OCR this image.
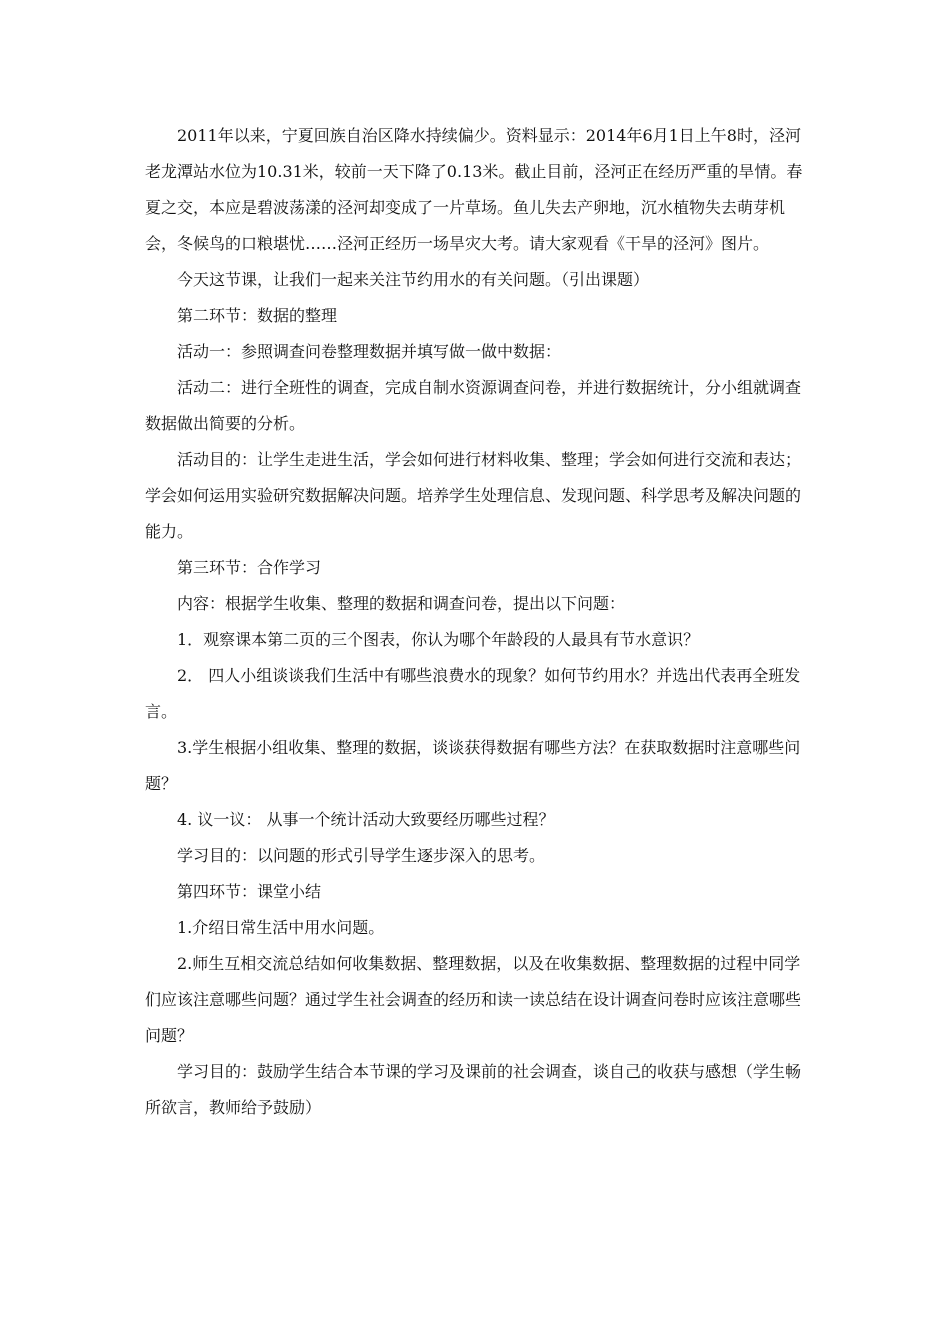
2011年以来，宁夏回族自治区降水持续偏少。资料显示：2014年6月1日上午8时，泾河老龙潭站水位为10.31米，较前一天下降了0.13米。截止目前，泾河正在经历严重的旱情。春夏之交，本应是碧波荡漾的泾河却变成了一片草场。鱼儿失去产卵地，沉水植物失去萌芽机会，冬候鸟的口粮堪忧……泾河正经历一场旱灾大考。请大家观看《干旱的泾河》图片。

今天这节课，让我们一起来关注节约用水的有关问题。（引出课题）

第二环节：数据的整理

活动一：参照调查问卷整理数据并填写做一做中数据：

活动二：进行全班性的调查，完成自制水资源调查问卷，并进行数据统计，分小组就调查数据做出简要的分析。

活动目的：让学生走进生活，学会如何进行材料收集、整理；学会如何进行交流和表达；学会如何运用实验研究数据解决问题。培养学生处理信息、发现问题、科学思考及解决问题的能力。

第三环节：合作学习

内容：根据学生收集、整理的数据和调查问卷，提出以下问题：

1．观察课本第二页的三个图表，你认为哪个年龄段的人最具有节水意识？

2． 四人小组谈谈我们生活中有哪些浪费水的现象？如何节约用水？并选出代表再全班发言。

3.学生根据小组收集、整理的数据，谈谈获得数据有哪些方法？在获取数据时注意哪些问题？

4. 议一议： 从事一个统计活动大致要经历哪些过程？

学习目的：以问题的形式引导学生逐步深入的思考。

第四环节：课堂小结

1.介绍日常生活中用水问题。

2.师生互相交流总结如何收集数据、整理数据，以及在收集数据、整理数据的过程中同学们应该注意哪些问题？通过学生社会调查的经历和读一读总结在设计调查问卷时应该注意哪些问题？

学习目的：鼓励学生结合本节课的学习及课前的社会调查，谈自己的收获与感想（学生畅所欲言，教师给予鼓励）
